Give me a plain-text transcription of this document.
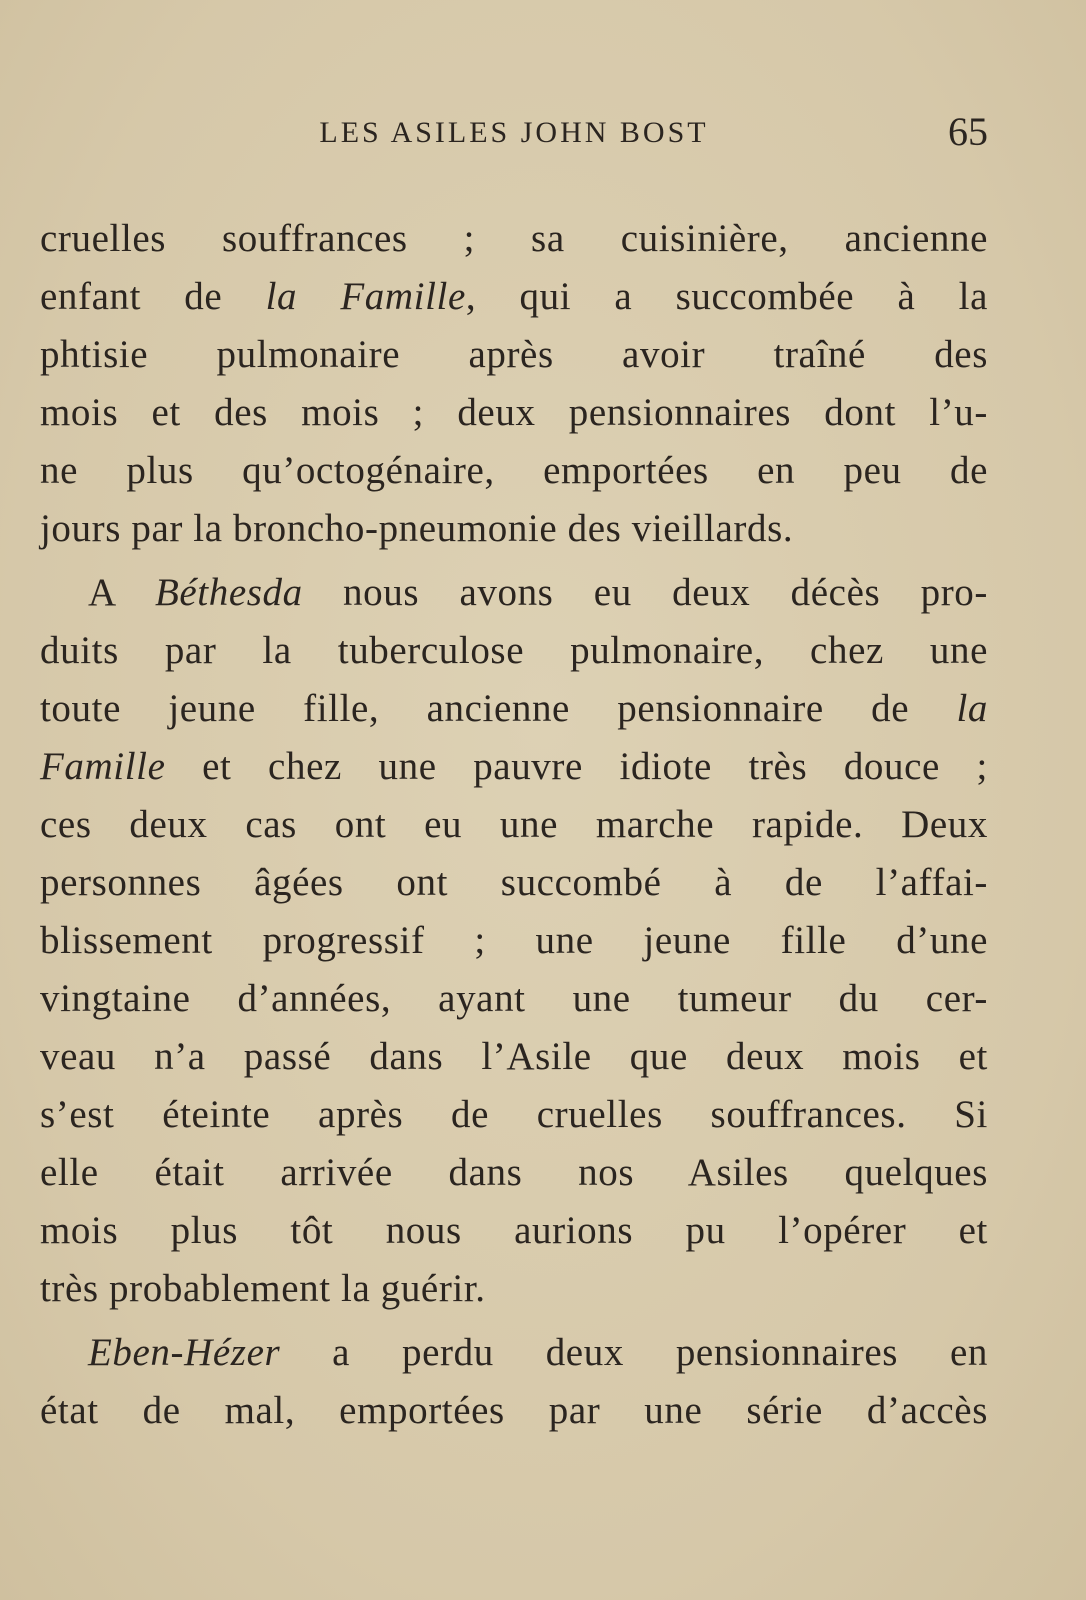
LES ASILES JOHN BOST	65
cruelles souffrances ; sa cuisinière, ancienne
enfant de la Famille, qui a succombée à la
phtisie pulmonaire après avoir traîné des
mois et des mois ; deux pensionnaires dont l’u-
ne plus qu’octogénaire, emportées en peu de
jours par la broncho-pneumonie des vieillards.
A Béthesda nous avons eu deux décès pro-
duits par la tuberculose pulmonaire, chez une
toute jeune fille, ancienne pensionnaire de la
Famille et chez une pauvre idiote très douce ;
ces deux cas ont eu une marche rapide. Deux
personnes âgées ont succombé à de l’affai-
blissement progressif ; une jeune fille d’une
vingtaine d’années, ayant une tumeur du cer-
veau n’a passé dans l’Asile que deux mois et
s’est éteinte après de cruelles souffrances. Si
elle était arrivée dans nos Asiles quelques
mois plus tôt nous aurions pu l’opérer et
très probablement la guérir.
Eben-Hézer a perdu deux pensionnaires en
état de mal, emportées par une série d’accès
